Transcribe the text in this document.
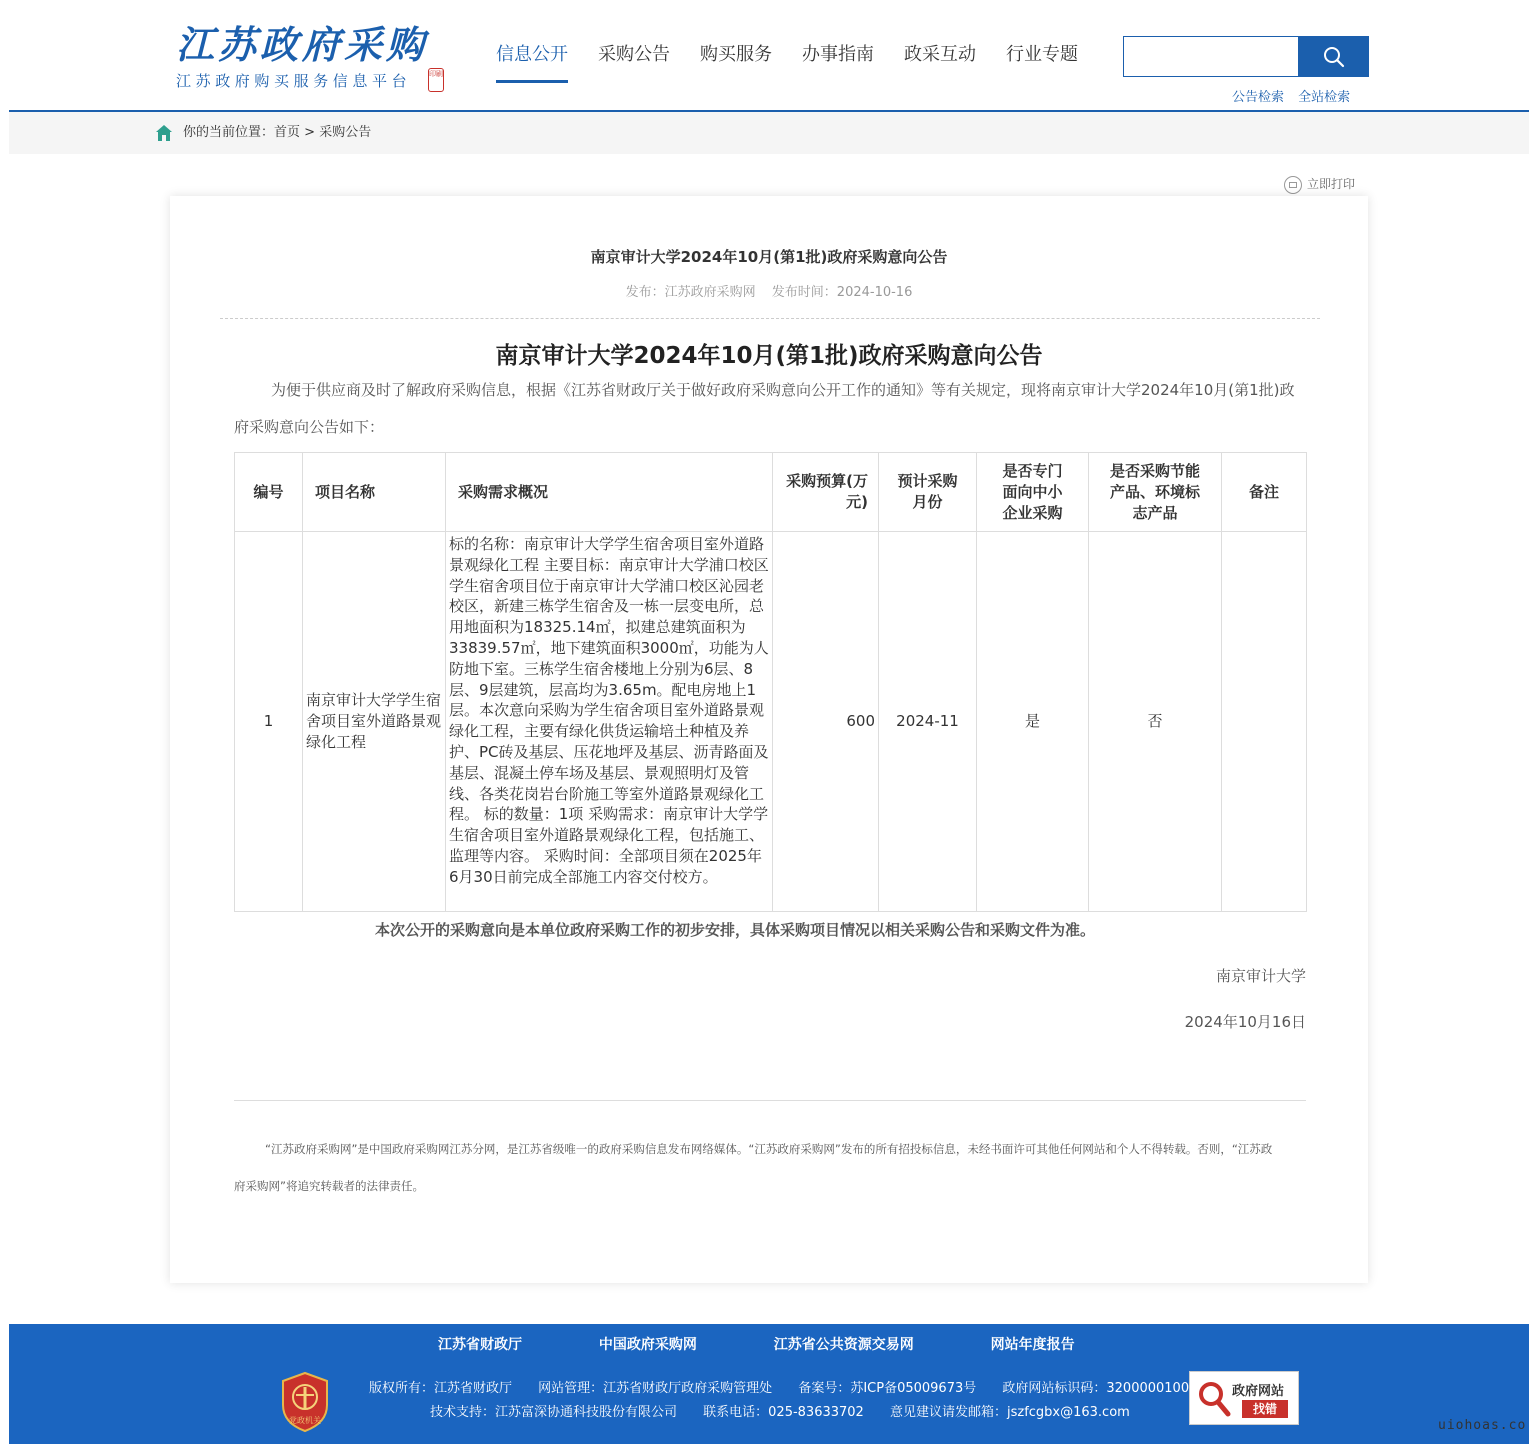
江苏政府采购
江苏政府购买服务信息平台	印刷
信息公开 采购公告 购买服务 办事指南 政采互动 行业专题
公告检索 全站检索
你的当前位置：首页 > 采购公告
立即打印
南京审计大学2024年10月(第1批)政府采购意向公告
发布：江苏政府采购网 发布时间：2024-10-16
南京审计大学2024年10月(第1批)政府采购意向公告
为便于供应商及时了解政府采购信息，根据《江苏省财政厅关于做好政府采购意向公开工作的通知》等有关规定，现将南京审计大学2024年10月(第1批)政府采购意向公告如下：
编号	项目名称	采购需求概况	采购预算(万元)	预计采购月份	是否专门面向中小企业采购	是否采购节能产品、环境标志产品	备注
1	南京审计大学学生宿舍项目室外道路景观绿化工程	标的名称：南京审计大学学生宿舍项目室外道路景观绿化工程 主要目标：南京审计大学浦口校区学生宿舍项目位于南京审计大学浦口校区沁园老校区，新建三栋学生宿舍及一栋一层变电所，总用地面积为18325.14㎡，拟建总建筑面积为33839.57㎡，地下建筑面积3000㎡，功能为人防地下室。三栋学生宿舍楼地上分别为6层、8层、9层建筑，层高均为3.65m。配电房地上1层。本次意向采购为学生宿舍项目室外道路景观绿化工程，主要有绿化供货运输培土种植及养护、PC砖及基层、压花地坪及基层、沥青路面及基层、混凝土停车场及基层、景观照明灯及管线、各类花岗岩台阶施工等室外道路景观绿化工程。 标的数量：1项 采购需求：南京审计大学学生宿舍项目室外道路景观绿化工程，包括施工、监理等内容。 采购时间：全部项目须在2025年6月30日前完成全部施工内容交付校方。	600	2024-11	是	否	
本次公开的采购意向是本单位政府采购工作的初步安排，具体采购项目情况以相关采购公告和采购文件为准。
南京审计大学
2024年10月16日
“江苏政府采购网”是中国政府采购网江苏分网，是江苏省级唯一的政府采购信息发布网络媒体。“江苏政府采购网”发布的所有招投标信息，未经书面许可其他任何网站和个人不得转载。否则，“江苏政府采购网”将追究转载者的法律责任。
江苏省财政厅	中国政府采购网	江苏省公共资源交易网	网站年度报告
党政机关
版权所有：江苏省财政厅 网站管理：江苏省财政厅政府采购管理处 备案号：苏ICP备05009673号 政府网站标识码：3200000100
技术支持：江苏富深协通科技股份有限公司 联系电话：025-83633702 意见建议请发邮箱：jszfcgbx@163.com
政府网站
找错
uiohoas.co
